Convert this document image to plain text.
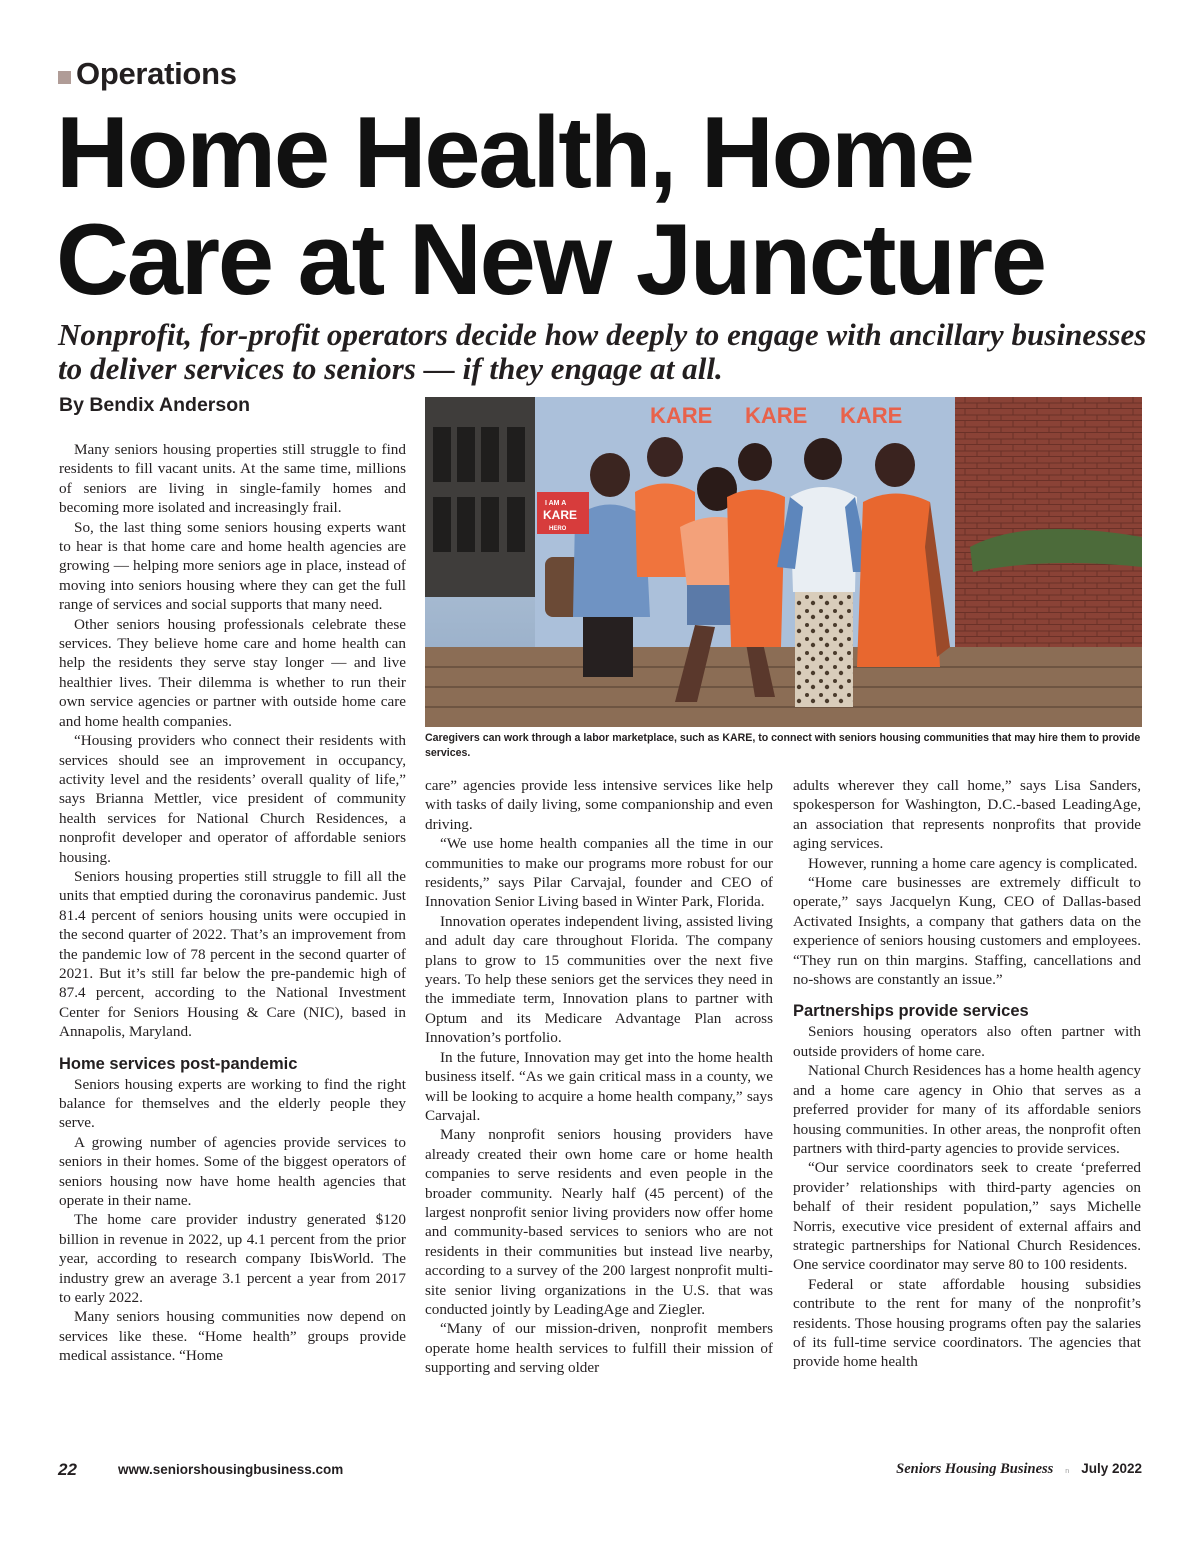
Operations
Home Health, Home Care at New Juncture
Nonprofit, for-profit operators decide how deeply to engage with ancillary businesses to deliver services to seniors — if they engage at all.
By Bendix Anderson	KARE KARE KARE
I AM A
KARE
HERO
Caregivers can work through a labor marketplace, such as KARE, to connect with seniors housing communities that may hire them to provide services.

Many seniors housing properties still struggle to find residents to fill vacant units. At the same time, millions of seniors are living in single-family homes and becoming more isolated and increasingly frail.

So, the last thing some seniors housing experts want to hear is that home care and home health agencies are growing — helping more seniors age in place, instead of moving into seniors housing where they can get the full range of services and social supports that many need.

Other seniors housing professionals celebrate these services. They believe home care and home health can help the residents they serve stay longer — and live healthier lives. Their dilemma is whether to run their own service agencies or partner with outside home care and home health companies.

“Housing providers who connect their residents with services should see an improvement in occupancy, activity level and the residents’ overall quality of life,” says Brianna Mettler, vice president of community health services for National Church Residences, a nonprofit developer and operator of affordable seniors housing.

Seniors housing properties still struggle to fill all the units that emptied during the coronavirus pandemic. Just 81.4 percent of seniors housing units were occupied in the second quarter of 2022. That’s an improvement from the pandemic low of 78 percent in the second quarter of 2021. But it’s still far below the pre-pandemic high of 87.4 percent, according to the National Investment Center for Seniors Housing & Care (NIC), based in Annapolis, Maryland.

Home services post-pandemic

Seniors housing experts are working to find the right balance for themselves and the elderly people they serve.

A growing number of agencies provide services to seniors in their homes. Some of the biggest operators of seniors housing now have home health agencies that operate in their name.

The home care provider industry generated $120 billion in revenue in 2022, up 4.1 percent from the prior year, according to research company IbisWorld. The industry grew an average 3.1 percent a year from 2017 to early 2022.

Many seniors housing communities now depend on services like these. “Home health” groups provide medical assistance. “Home

care” agencies provide less intensive services like help with tasks of daily living, some companionship and even driving.

“We use home health companies all the time in our communities to make our programs more robust for our residents,” says Pilar Carvajal, founder and CEO of Innovation Senior Living based in Winter Park, Florida.

Innovation operates independent living, assisted living and adult day care throughout Florida. The company plans to grow to 15 communities over the next five years. To help these seniors get the services they need in the immediate term, Innovation plans to partner with Optum and its Medicare Advantage Plan across Innovation’s portfolio.

In the future, Innovation may get into the home health business itself. “As we gain critical mass in a county, we will be looking to acquire a home health company,” says Carvajal.

Many nonprofit seniors housing providers have already created their own home care or home health companies to serve residents and even people in the broader community. Nearly half (45 percent) of the largest nonprofit senior living providers now offer home and community-based services to seniors who are not residents in their communities but instead live nearby, according to a survey of the 200 largest nonprofit multi-site senior living organizations in the U.S. that was conducted jointly by LeadingAge and Ziegler.

“Many of our mission-driven, nonprofit members operate home health services to fulfill their mission of supporting and serving older

adults wherever they call home,” says Lisa Sanders, spokesperson for Washington, D.C.-based LeadingAge, an association that represents nonprofits that provide aging services.

However, running a home care agency is complicated.

“Home care businesses are extremely difficult to operate,” says Jacquelyn Kung, CEO of Dallas-based Activated Insights, a company that gathers data on the experience of seniors housing customers and employees. “They run on thin margins. Staffing, cancellations and no-shows are constantly an issue.”

Partnerships provide services

Seniors housing operators also often partner with outside providers of home care.

National Church Residences has a home health agency and a home care agency in Ohio that serves as a preferred provider for many of its affordable seniors housing communities. In other areas, the nonprofit often partners with third-party agencies to provide services.

“Our service coordinators seek to create ‘preferred provider’ relationships with third-party agencies on behalf of their resident population,” says Michelle Norris, executive vice president of external affairs and strategic partnerships for National Church Residences. One service coordinator may serve 80 to 100 residents.

Federal or state affordable housing subsidies contribute to the rent for many of the nonprofit’s residents. Those housing programs often pay the salaries of its full-time service coordinators. The agencies that provide home health

22	www.seniorshousingbusiness.com	Seniors Housing Business n July 2022
